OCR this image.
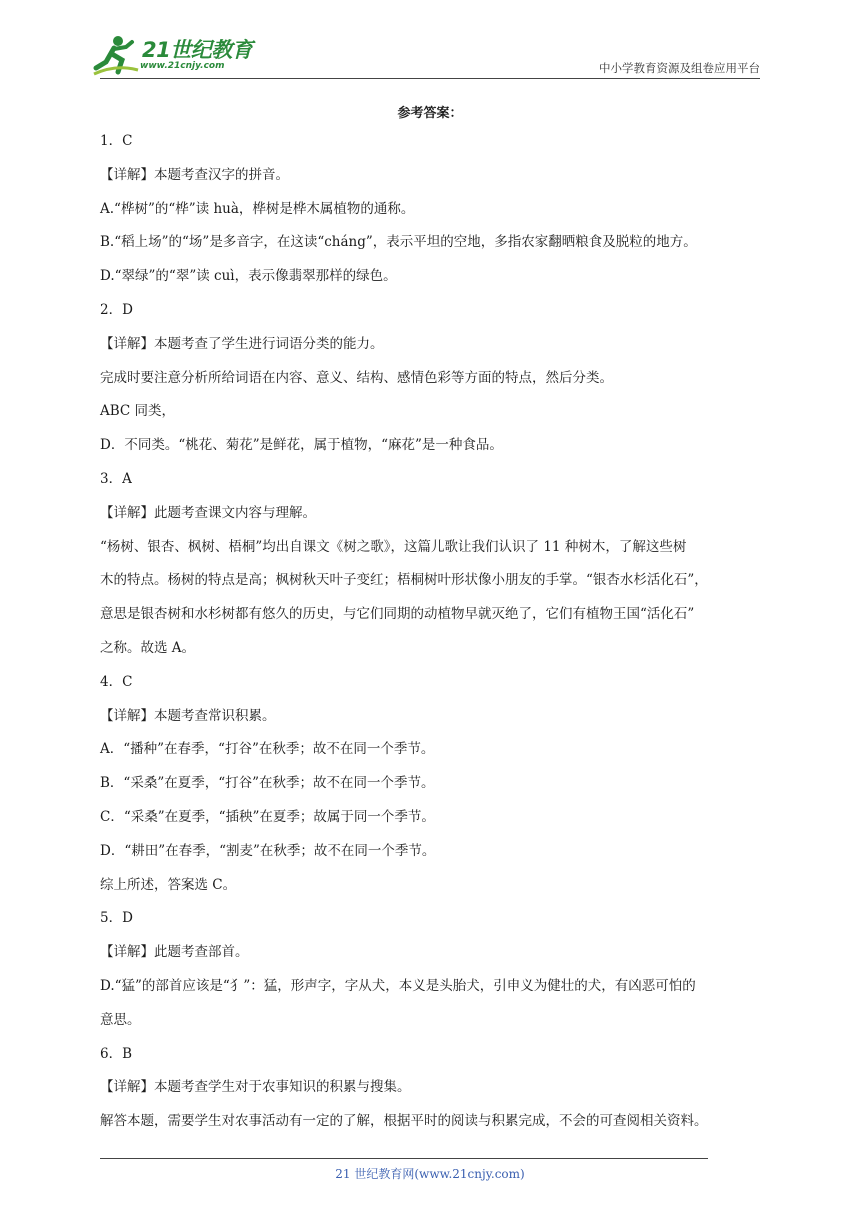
21世纪教育
www.21cnjy.com	中小学教育资源及组卷应用平台
参考答案：

1．C

【详解】本题考查汉字的拼音。

A.“桦树”的“桦”读 huà，桦树是桦木属植物的通称。

B.“稻上场”的“场”是多音字，在这读“cháng”，表示平坦的空地，多指农家翻晒粮食及脱粒的地方。

D.“翠绿”的“翠”读 cuì，表示像翡翠那样的绿色。

2．D

【详解】本题考查了学生进行词语分类的能力。

完成时要注意分析所给词语在内容、意义、结构、感情色彩等方面的特点，然后分类。

ABC 同类，

D．不同类。“桃花、菊花”是鲜花，属于植物，“麻花”是一种食品。

3．A

【详解】此题考查课文内容与理解。

“杨树、银杏、枫树、梧桐”均出自课文《树之歌》，这篇儿歌让我们认识了 11 种树木，了解这些树

木的特点。杨树的特点是高；枫树秋天叶子变红；梧桐树叶形状像小朋友的手掌。“银杏水杉活化石”，

意思是银杏树和水杉树都有悠久的历史，与它们同期的动植物早就灭绝了，它们有植物王国“活化石”

之称。故选 A。

4．C

【详解】本题考查常识积累。

A．“播种”在春季，“打谷”在秋季；故不在同一个季节。

B．“采桑”在夏季，“打谷”在秋季；故不在同一个季节。

C．“采桑”在夏季，“插秧”在夏季；故属于同一个季节。

D．“耕田”在春季，“割麦”在秋季；故不在同一个季节。

综上所述，答案选 C。

5．D

【详解】此题考查部首。

D.“猛”的部首应该是“犭”：猛，形声字，字从犬，本义是头胎犬，引申义为健壮的犬，有凶恶可怕的

意思。

6．B

【详解】本题考查学生对于农事知识的积累与搜集。

解答本题，需要学生对农事活动有一定的了解，根据平时的阅读与积累完成，不会的可查阅相关资料。

21 世纪教育网(www.21cnjy.com)
